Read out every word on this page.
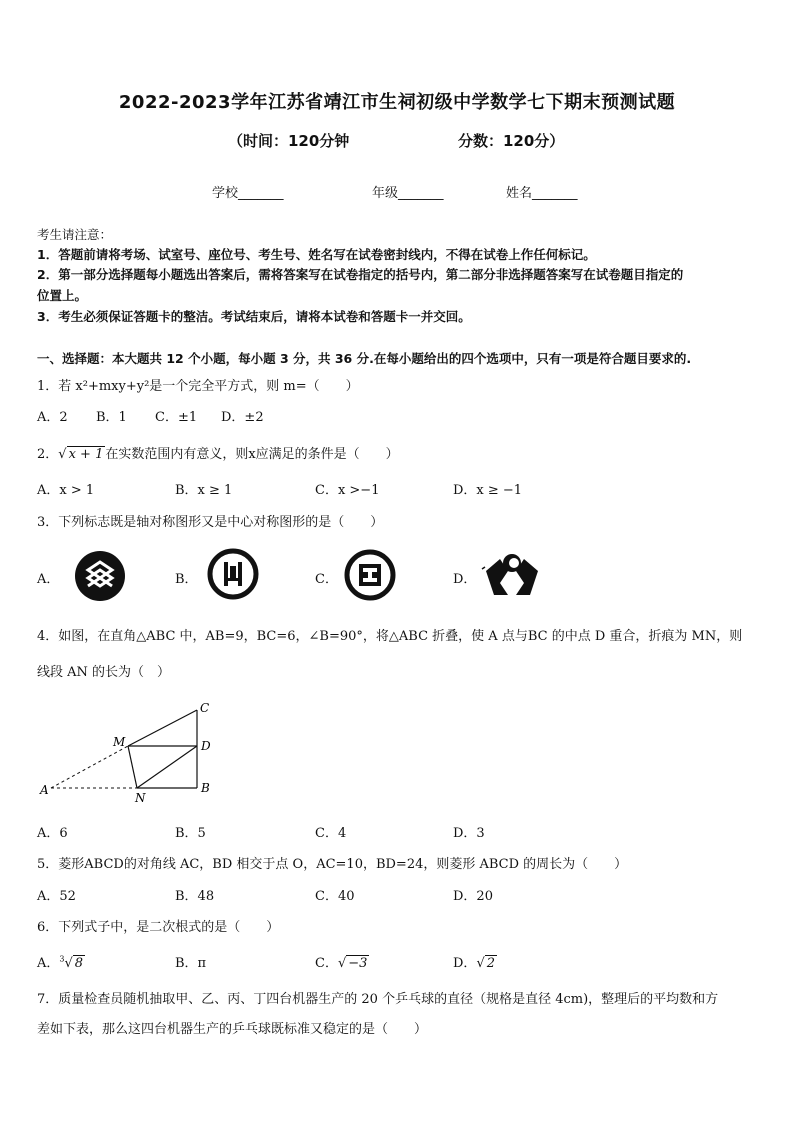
2022-2023学年江苏省靖江市生祠初级中学数学七下期末预测试题
（时间：120分钟	分数：120分）
学校_______	年级_______	姓名_______
考生请注意：
1．答题前请将考场、试室号、座位号、考生号、姓名写在试卷密封线内，不得在试卷上作任何标记。
2．第一部分选择题每小题选出答案后，需将答案写在试卷指定的括号内，第二部分非选择题答案写在试卷题目指定的
位置上。
3．考生必须保证答题卡的整洁。考试结束后，请将本试卷和答题卡一并交回。
一、选择题：本大题共 12 个小题，每小题 3 分，共 36 分.在每小题给出的四个选项中，只有一项是符合题目要求的.
1．若 x²+mxy+y²是一个完全平方式，则 m=（　　）
A．2 B．1 C．±1 D．±2
2．√ x + 1 在实数范围内有意义，则x应满足的条件是（　　）
A．x > 1	B．x ≥ 1	C．x >−1	D．x ≥ −1
3．下列标志既是轴对称图形又是中心对称图形的是（　　）
A．	B．	C．	D．
4．如图，在直角△ABC 中，AB=9，BC=6，∠B=90°，将△ABC 折叠，使 A 点与BC 的中点 D 重合，折痕为 MN，则
线段 AN 的长为（　）
A	B
C
D
M
N
A．6	B．5	C．4	D．3
5．菱形ABCD的对角线 AC，BD 相交于点 O，AC=10，BD=24，则菱形 ABCD 的周长为（　　）
A．52	B．48	C．40	D．20
6．下列式子中，是二次根式的是（　　）
A．$^3$√ 8	B．π	C．√ −3	D．√ 2
7．质量检查员随机抽取甲、乙、丙、丁四台机器生产的 20 个乒乓球的直径（规格是直径 4cm)，整理后的平均数和方
差如下表，那么这四台机器生产的乒乓球既标准又稳定的是（　　）
